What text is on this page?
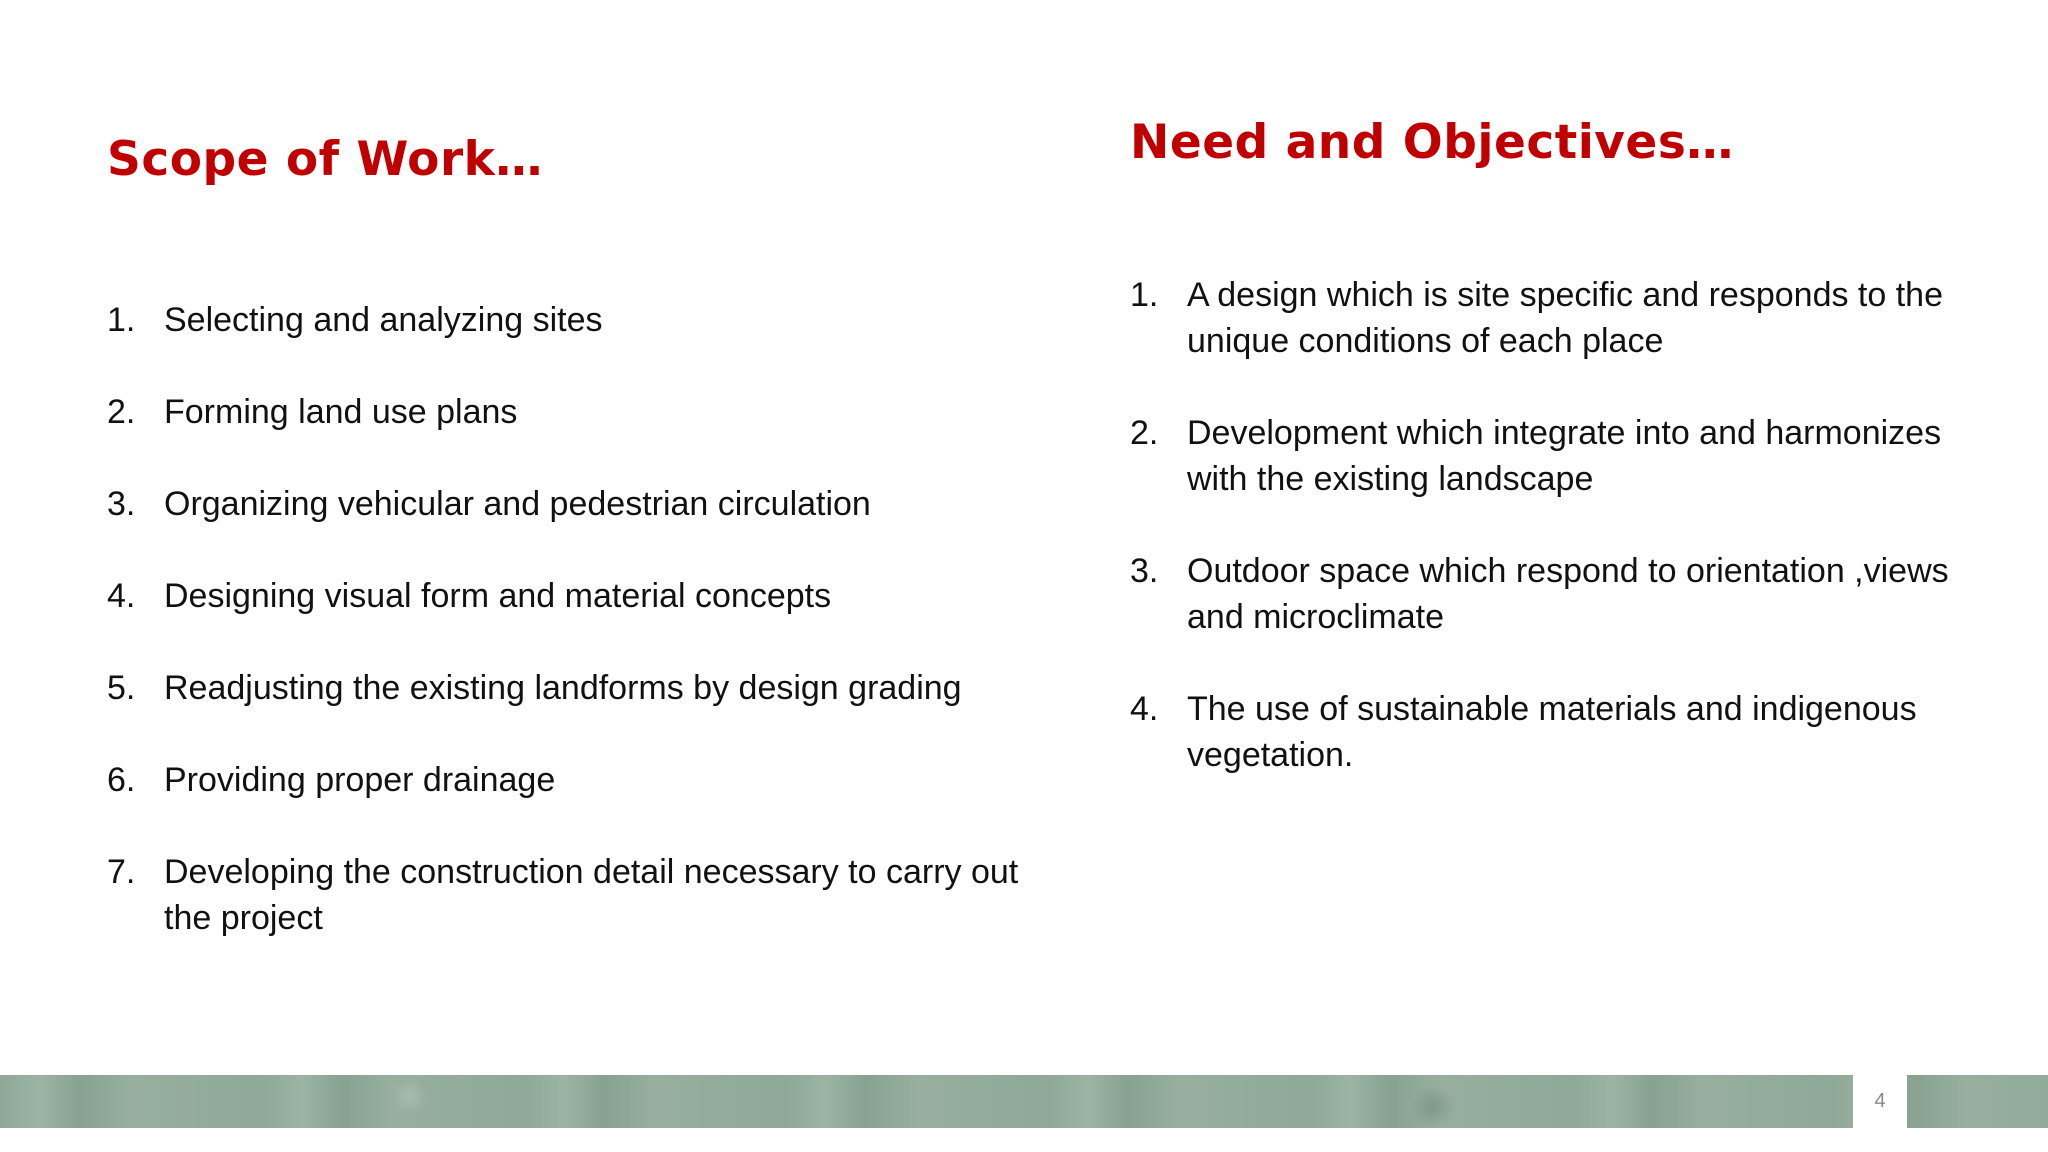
Scope of Work…
1. Selecting and analyzing sites
2. Forming land use plans
3. Organizing vehicular and pedestrian circulation
4. Designing visual form and material concepts
5. Readjusting the existing landforms by design grading
6. Providing proper drainage
7. Developing the construction detail necessary to carry out the project
Need and Objectives…
1. A design which is site specific and responds to the unique conditions of each place
2. Development which integrate into and harmonizes with the existing landscape
3. Outdoor space which respond to orientation ,views and microclimate
4. The use of sustainable materials and indigenous vegetation.
4
